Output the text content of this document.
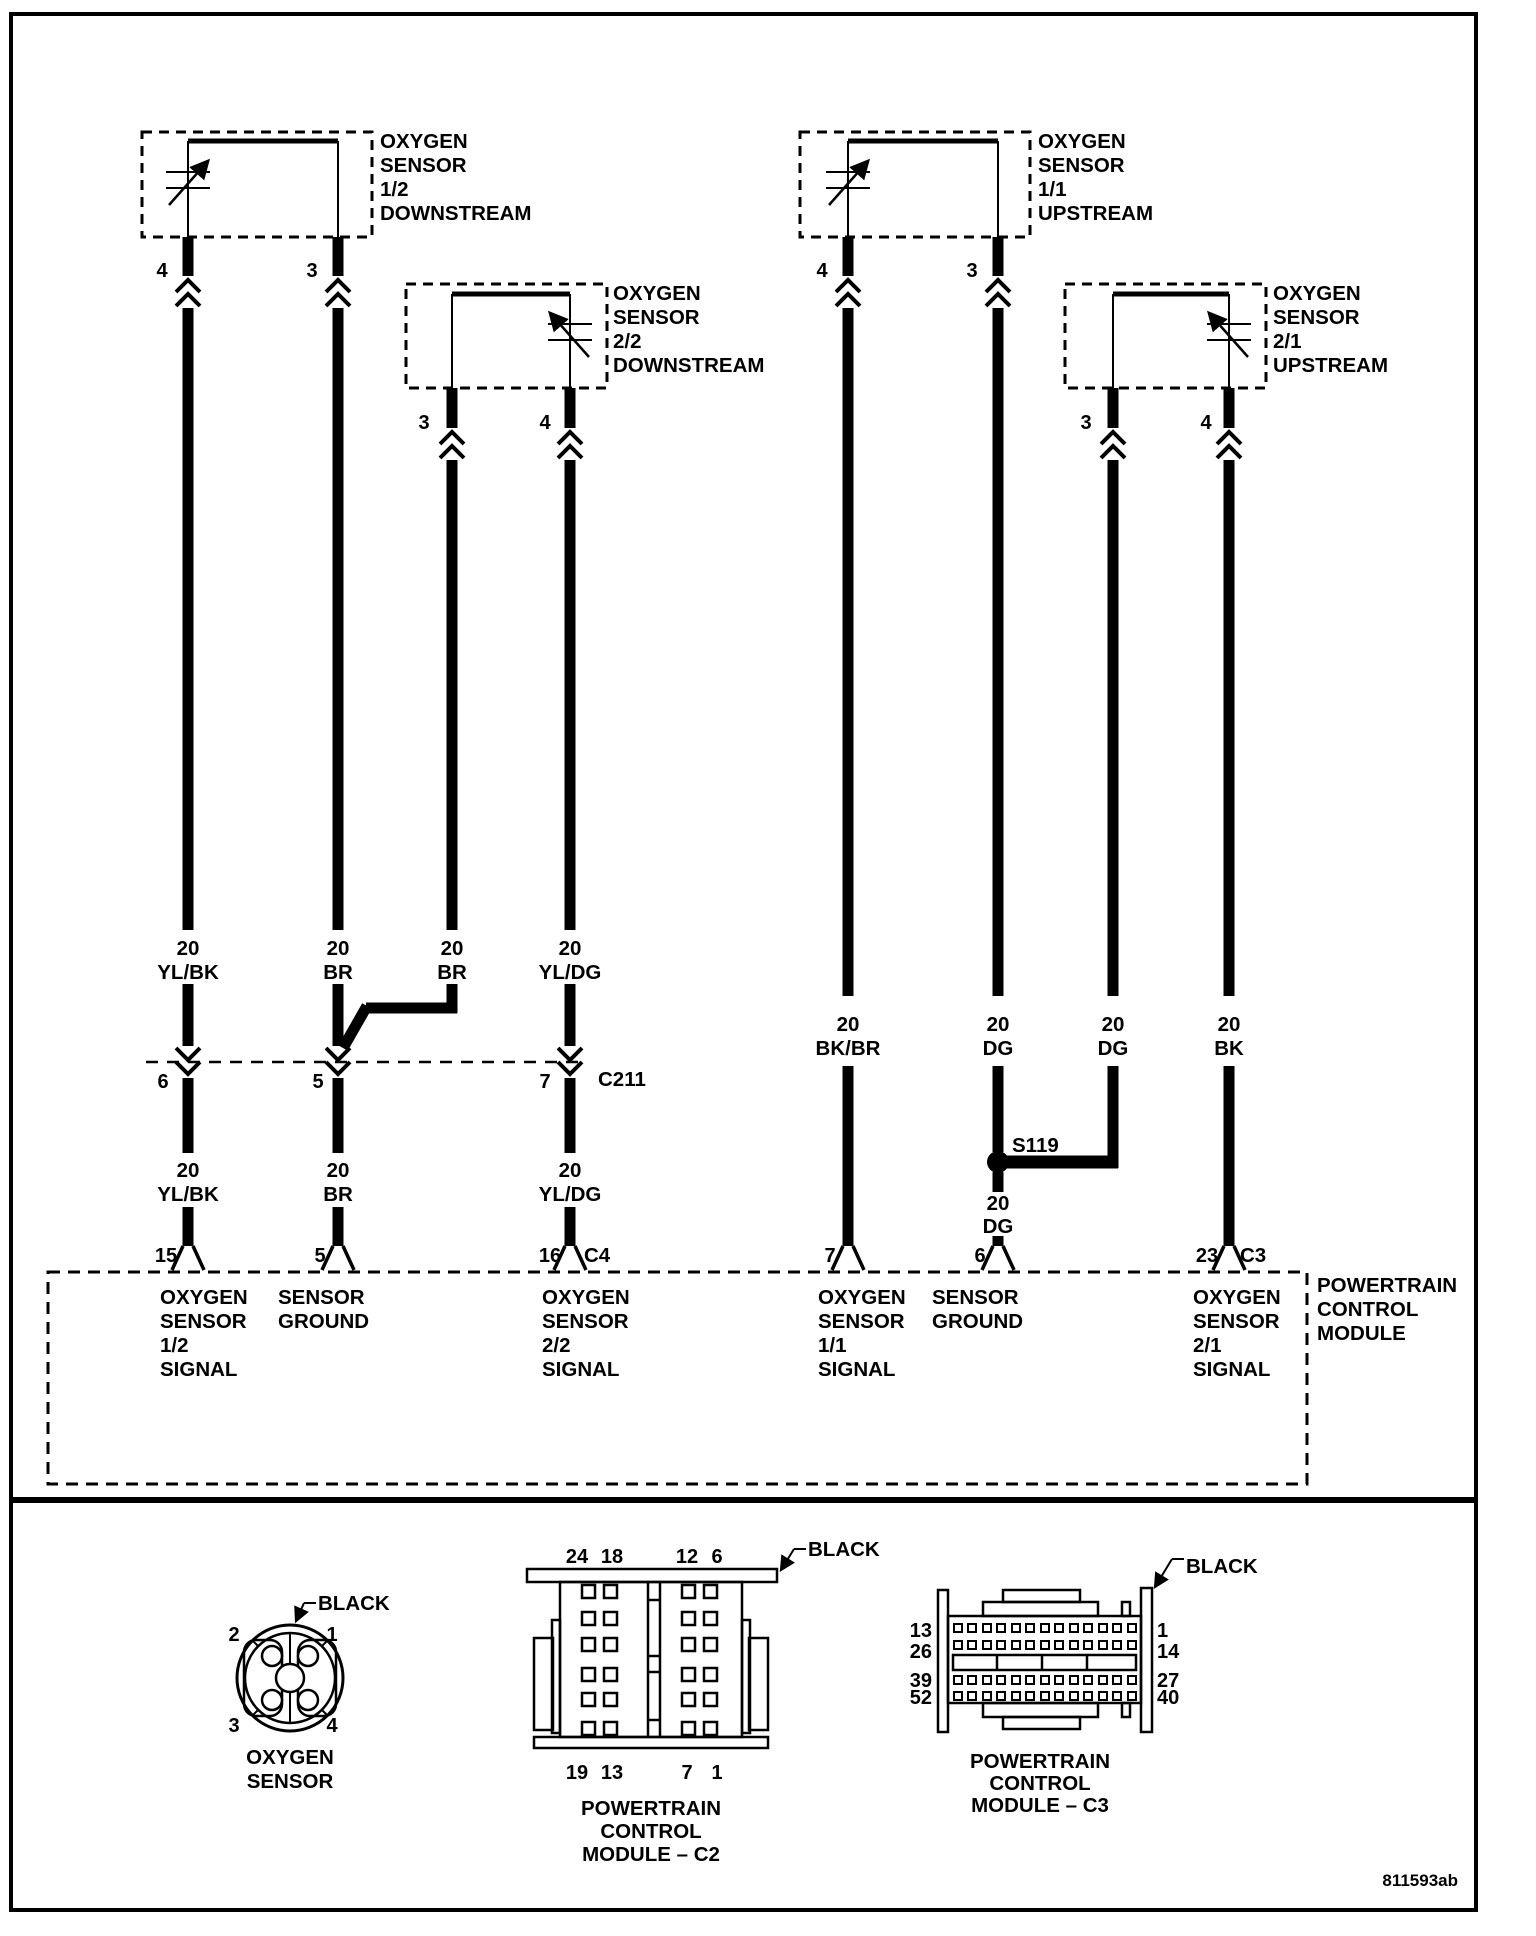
OXYGEN
SENSOR
1/2
DOWNSTREAM
4	3
OXYGEN
SENSOR
2/2
DOWNSTREAM
3	4
OXYGEN
SENSOR
1/1
UPSTREAM
4	3
OXYGEN
SENSOR
2/1
UPSTREAM
3	4
20
YL/BK
20
BR
20
BR
20
YL/DG
20
BK/BR
20
DG
20
DG
20
BK
20
YL/BK
20
BR
20
YL/DG	20
DG
6	5	7 C211
S119
15	5	16 C4	7	6	23 C3
OXYGEN
SENSOR
1/2
SIGNAL
SENSOR
GROUND
OXYGEN
SENSOR
2/2
SIGNAL
OXYGEN
SENSOR
1/1
SIGNAL
SENSOR
GROUND
OXYGEN
SENSOR
2/1
SIGNAL
POWERTRAIN
CONTROL
MODULE
BLACK
2	1
3	4
OXYGEN
SENSOR
BLACK
24 18	12 6
19 13	7 1
POWERTRAIN
CONTROL
MODULE – C2
BLACK
13
26
39
52
1
14
27
40
POWERTRAIN
CONTROL
MODULE – C3
811593ab
